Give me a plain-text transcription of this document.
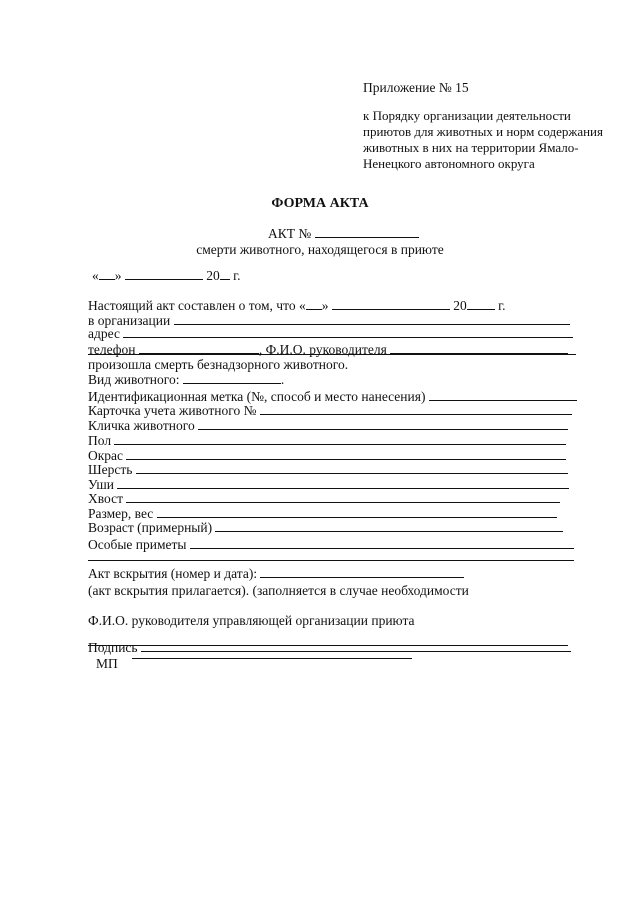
Приложение № 15
к Порядку организации деятельности
приютов для животных и норм содержания
животных в них на территории Ямало-
Ненецкого автономного округа
ФОРМА АКТА
АКТ №
смерти животного, находящегося в приюте
« »	20 г.
Настоящий акт составлен о том, что « »	20 г.
в организации
адрес
телефон	, Ф.И.О. руководителя
произошла смерть безнадзорного животного.
Вид животного:	.
Идентификационная метка (№, способ и место нанесения)
Карточка учета животного №
Кличка животного
Пол
Окрас
Шерсть
Уши
Хвост
Размер, вес
Возраст (примерный)
Особые приметы
Акт вскрытия (номер и дата):
(акт вскрытия прилагается). (заполняется в случае необходимости
Ф.И.О. руководителя управляющей организации приюта
Подпись
МП
